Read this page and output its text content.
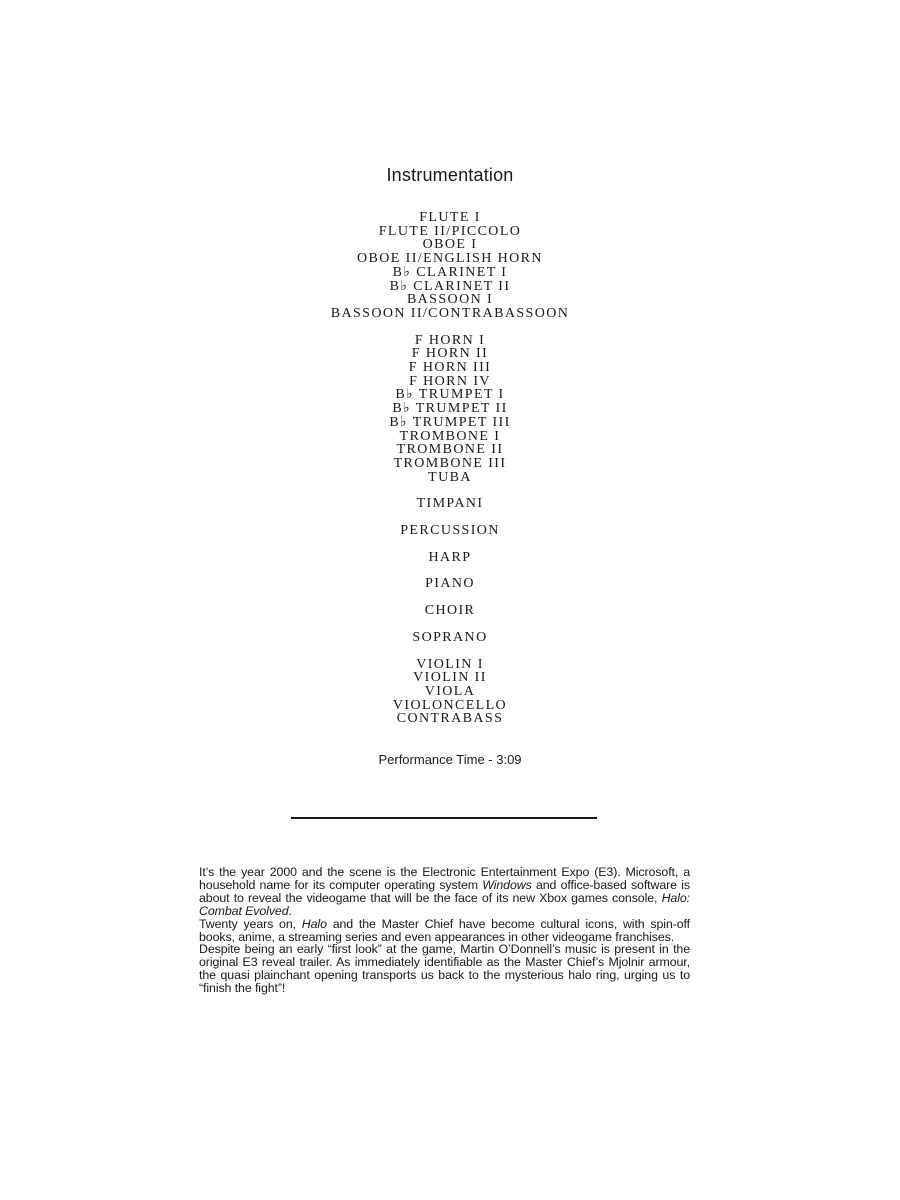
Instrumentation
FLUTE I
FLUTE II/PICCOLO
OBOE I
OBOE II/ENGLISH HORN
B♭ CLARINET I
B♭ CLARINET II
BASSOON I
BASSOON II/CONTRABASSOON
F HORN I
F HORN II
F HORN III
F HORN IV
B♭ TRUMPET I
B♭ TRUMPET II
B♭ TRUMPET III
TROMBONE I
TROMBONE II
TROMBONE III
TUBA
TIMPANI
PERCUSSION
HARP
PIANO
CHOIR
SOPRANO
VIOLIN I
VIOLIN II
VIOLA
VIOLONCELLO
CONTRABASS
Performance Time - 3:09

It’s the year 2000 and the scene is the Electronic Entertainment Expo (E3). Microsoft, a household name for its computer operating system Windows and office-based software is about to reveal the videogame that will be the face of its new Xbox games console, Halo: Combat Evolved.

Twenty years on, Halo and the Master Chief have become cultural icons, with spin-off books, anime, a streaming series and even appearances in other videogame franchises.

Despite being an early “first look” at the game, Martin O’Donnell’s music is present in the original E3 reveal trailer. As immediately identifiable as the Master Chief’s Mjolnir armour, the quasi plainchant opening transports us back to the mysterious halo ring, urging us to “finish the fight”!
